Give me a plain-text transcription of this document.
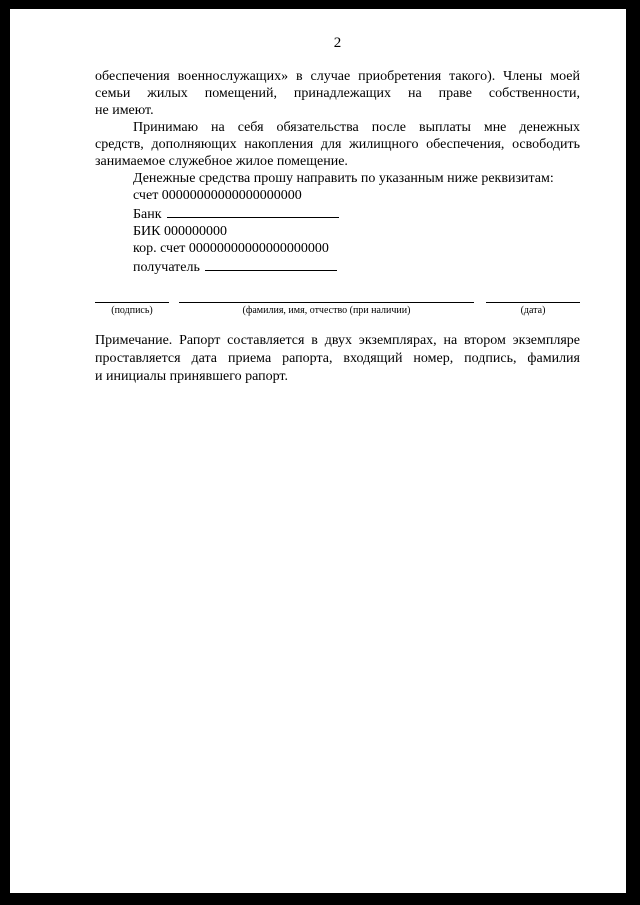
2

обеспечения военнослужащих» в случае приобретения такого). Члены моей

семьи жилых помещений, принадлежащих на праве собственности,

не имеют.

Принимаю на себя обязательства после выплаты мне денежных

средств, дополняющих накопления для жилищного обеспечения, освободить

занимаемое служебное жилое помещение.

Денежные средства прошу направить по указанным ниже реквизитам:

счет 00000000000000000000

Банк

БИК 000000000

кор. счет 00000000000000000000

получатель

(подпись)	(фамилия, имя, отчество (при наличии)	(дата)

Примечание. Рапорт составляется в двух экземплярах, на втором экземпляре

проставляется дата приема рапорта, входящий номер, подпись, фамилия

и инициалы принявшего рапорт.
